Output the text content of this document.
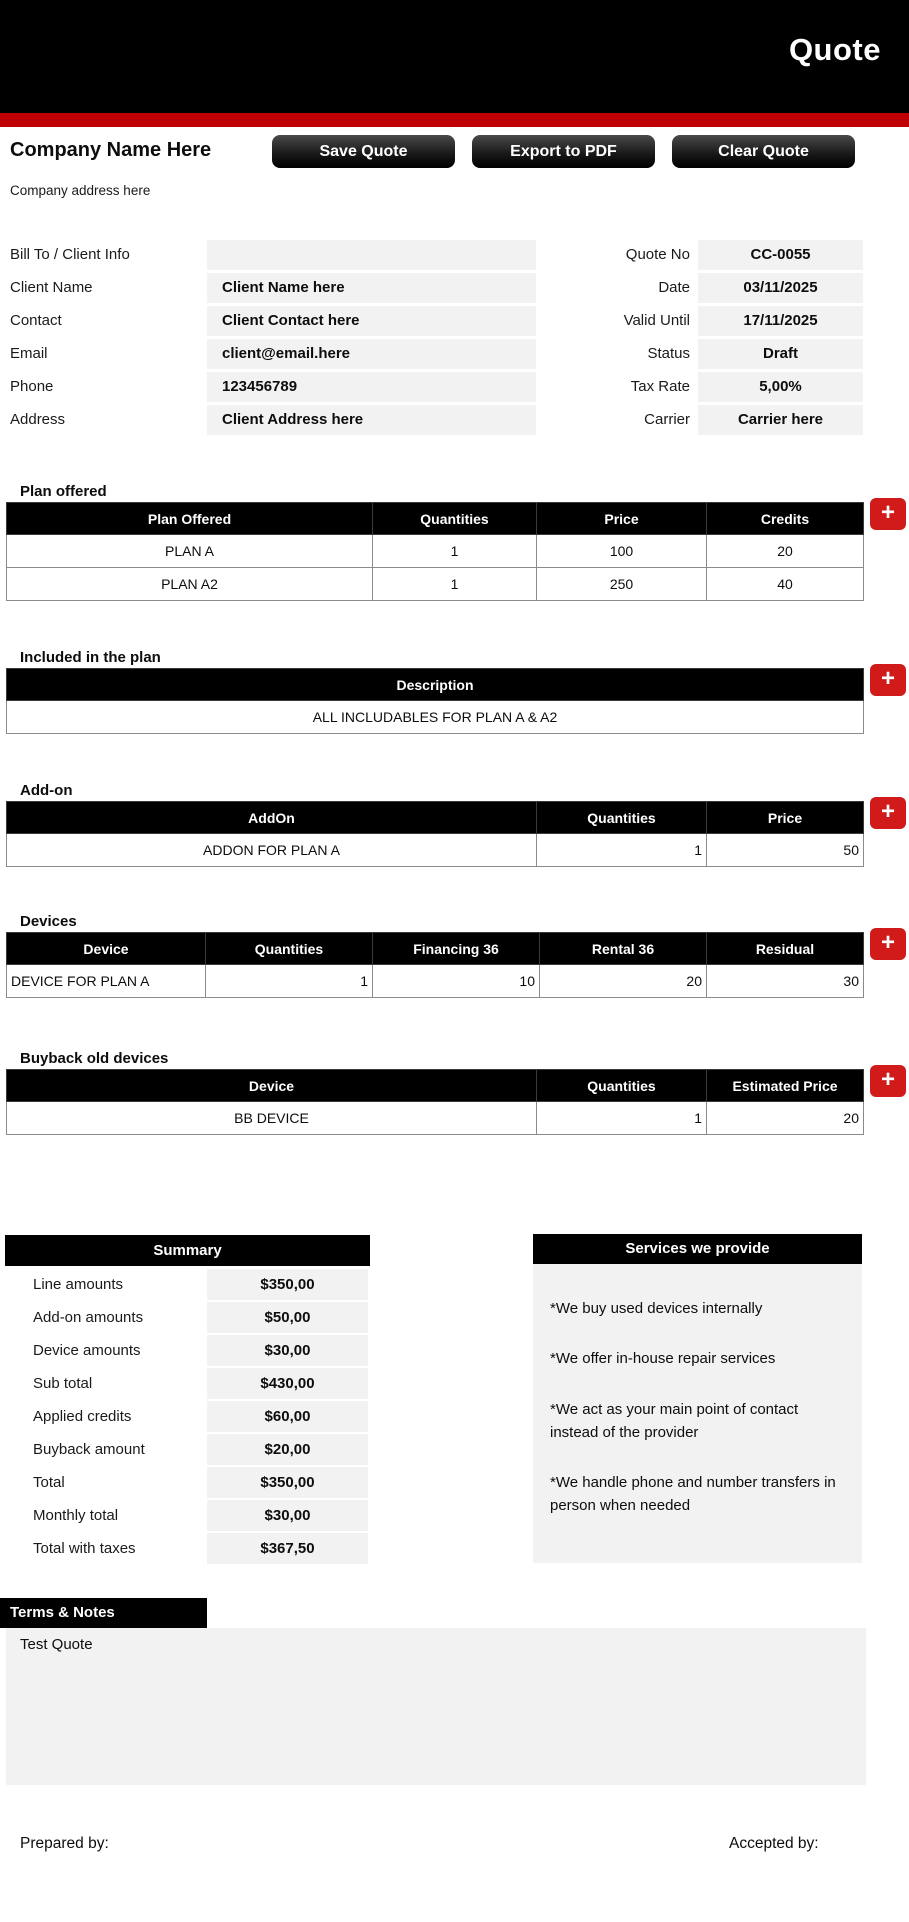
Quote
Company Name Here	Save Quote	Export to PDF	Clear Quote
Company address here
Bill To / Client Info
Client Name	Client Name here
Contact	Client Contact here
Email	client@email.here
Phone	123456789
Address	Client Address here
Quote No	CC-0055
Date	03/11/2025
Valid Until	17/11/2025
Status	Draft
Tax Rate	5,00%
Carrier	Carrier here
Plan offered
Plan Offered	Quantities	Price	Credits
PLAN A	1	100	20
PLAN A2	1	250	40
+
Included in the plan
Description
ALL INCLUDABLES FOR PLAN A & A2
+
Add-on
AddOn	Quantities	Price
ADDON FOR PLAN A	1	50
+
Devices
Device	Quantities	Financing 36	Rental 36	Residual
DEVICE FOR PLAN A	1	10	20	30
+
Buyback old devices
Device	Quantities	Estimated Price
BB DEVICE	1	20
+
Summary
Line amounts	$350,00
Add-on amounts	$50,00
Device amounts	$30,00
Sub total	$430,00
Applied credits	$60,00
Buyback amount	$20,00
Total	$350,00
Monthly total	$30,00
Total with taxes	$367,50
Services we provide

*We buy used devices internally

*We offer in-house repair services

*We act as your main point of contact instead of the provider

*We handle phone and number transfers in person when needed

Terms & Notes
Test Quote
Prepared by:	Accepted by:
